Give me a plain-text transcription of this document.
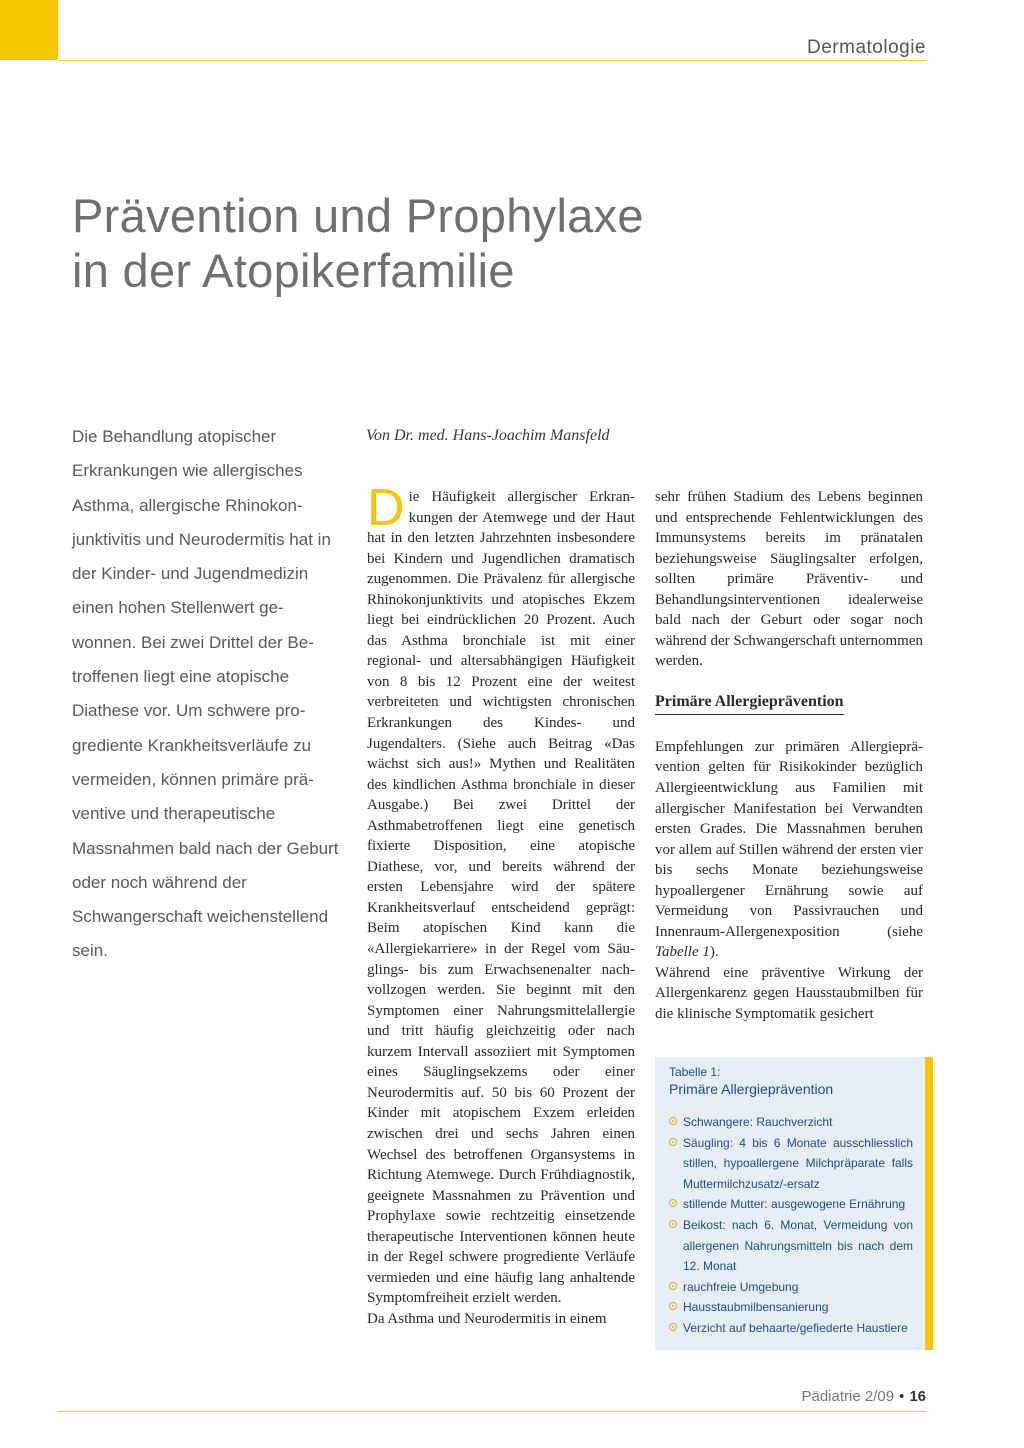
Dermatologie
Prävention und Prophylaxe
in der Atopikerfamilie

Die Behandlung atopischer Erkrankungen wie allergisches Asthma, allergische Rhinokonjunktivitis und Neurodermitis hat in der Kinder- und Jugendmedizin einen hohen Stellenwert gewonnen. Bei zwei Drittel der Betroffenen liegt eine atopische Diathese vor. Um schwere progrediente Krankheitsverläufe zu vermeiden, können primäre präventive und therapeutische Massnahmen bald nach der Geburt oder noch während der Schwangerschaft weichenstellend sein.

Von Dr. med. Hans-Joachim Mansfeld

Die Häufigkeit allergischer Erkrankungen der Atemwege und der Haut hat in den letzten Jahrzehnten insbesondere bei Kindern und Jugendlichen dramatisch zugenommen. Die Prävalenz für allergische Rhinokonjunktivits und atopisches Ekzem liegt bei eindrücklichen 20 Prozent. Auch das Asthma bronchiale ist mit einer regional- und altersabhängigen Häufigkeit von 8 bis 12 Prozent eine der weitest verbreiteten und wichtigsten chronischen Erkrankungen des Kindes- und Jugendalters. (Siehe auch Beitrag «Das wächst sich aus!» Mythen und Realitäten des kindlichen Asthma bronchiale in dieser Ausgabe.) Bei zwei Drittel der Asthmabetroffenen liegt eine genetisch fixierte Disposition, eine atopische Diathese, vor, und bereits während der ersten Lebensjahre wird der spätere Krankheitsverlauf entscheidend geprägt: Beim atopischen Kind kann die «Allergiekarriere» in der Regel vom Säuglings- bis zum Erwachsenenalter nachvollzogen werden. Sie beginnt mit den Symptomen einer Nahrungsmittelallergie und tritt häufig gleichzeitig oder nach kurzem Intervall assoziiert mit Symptomen eines Säuglingsekzems oder einer Neurodermitis auf. 50 bis 60 Prozent der Kinder mit atopischem Exzem erleiden zwischen drei und sechs Jahren einen Wechsel des betroffenen Organsystems in Richtung Atemwege. Durch Frühdiagnostik, geeignete Massnahmen zu Prävention und Prophylaxe sowie rechtzeitig einsetzende therapeutische Interventionen können heute in der Regel schwere progrediente Verläufe vermieden und eine häufig lang anhaltende Symptomfreiheit erzielt werden.

Da Asthma und Neurodermitis in einem

sehr frühen Stadium des Lebens beginnen und entsprechende Fehlentwicklungen des Immunsystems bereits im pränatalen beziehungsweise Säuglingsalter erfolgen, sollten primäre Präventiv- und Behandlungsinterventionen idealerweise bald nach der Geburt oder sogar noch während der Schwangerschaft unternommen werden.

Primäre Allergieprävention

Empfehlungen zur primären Allergieprävention gelten für Risikokinder bezüglich Allergieentwicklung aus Familien mit allergischer Manifestation bei Verwandten ersten Grades. Die Massnahmen beruhen vor allem auf Stillen während der ersten vier bis sechs Monate beziehungsweise hypoallergener Ernährung sowie auf Vermeidung von Passivrauchen und Innenraum-Allergenexposition (siehe Tabelle 1).

Während eine präventive Wirkung der Allergenkarenz gegen Hausstaubmilben für die klinische Symptomatik gesichert

Tabelle 1:
Primäre Allergieprävention
Schwangere: Rauchverzicht
Säugling: 4 bis 6 Monate ausschliesslich stillen, hypoallergene Milchpräparate falls Muttermilchzusatz/-ersatz
stillende Mutter: ausgewogene Ernährung
Beikost: nach 6. Monat, Vermeidung von allergenen Nahrungsmitteln bis nach dem 12. Monat
rauchfreie Umgebung
Hausstaubmilbensanierung
Verzicht auf behaarte/gefiederte Haustiere
Pädiatrie 2/09 • 16
